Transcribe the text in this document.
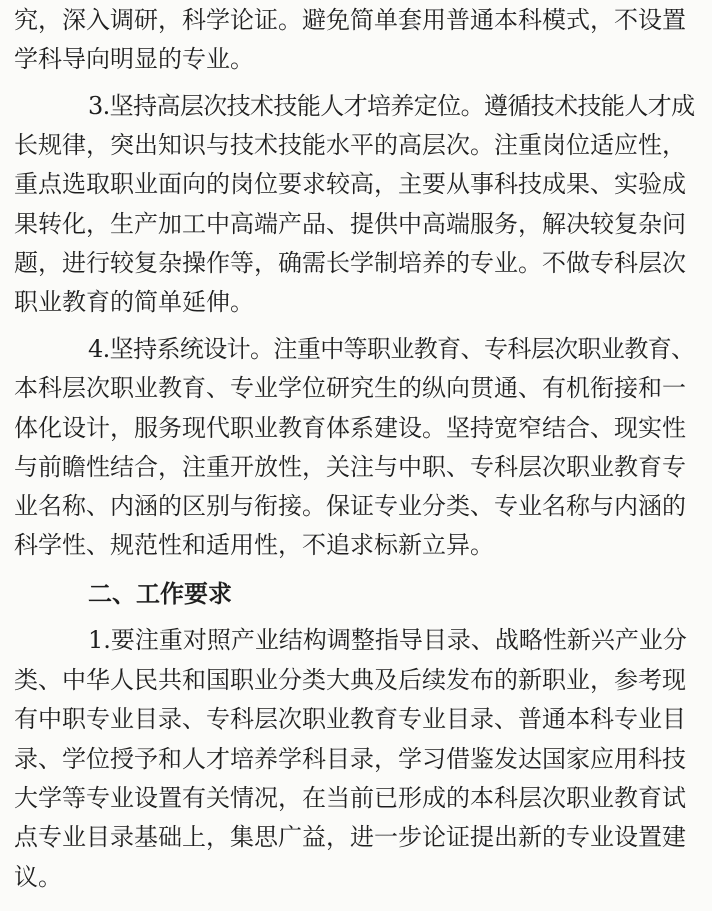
究，深入调研，科学论证。避免简单套用普通本科模式，不设置
学科导向明显的专业。
3.坚持高层次技术技能人才培养定位。遵循技术技能人才成
长规律，突出知识与技术技能水平的高层次。注重岗位适应性，
重点选取职业面向的岗位要求较高，主要从事科技成果、实验成
果转化，生产加工中高端产品、提供中高端服务，解决较复杂问
题，进行较复杂操作等，确需长学制培养的专业。不做专科层次
职业教育的简单延伸。
4.坚持系统设计。注重中等职业教育、专科层次职业教育、
本科层次职业教育、专业学位研究生的纵向贯通、有机衔接和一
体化设计，服务现代职业教育体系建设。坚持宽窄结合、现实性
与前瞻性结合，注重开放性，关注与中职、专科层次职业教育专
业名称、内涵的区别与衔接。保证专业分类、专业名称与内涵的
科学性、规范性和适用性，不追求标新立异。
二、工作要求
1.要注重对照产业结构调整指导目录、战略性新兴产业分
类、中华人民共和国职业分类大典及后续发布的新职业，参考现
有中职专业目录、专科层次职业教育专业目录、普通本科专业目
录、学位授予和人才培养学科目录，学习借鉴发达国家应用科技
大学等专业设置有关情况，在当前已形成的本科层次职业教育试
点专业目录基础上，集思广益，进一步论证提出新的专业设置建
议。
